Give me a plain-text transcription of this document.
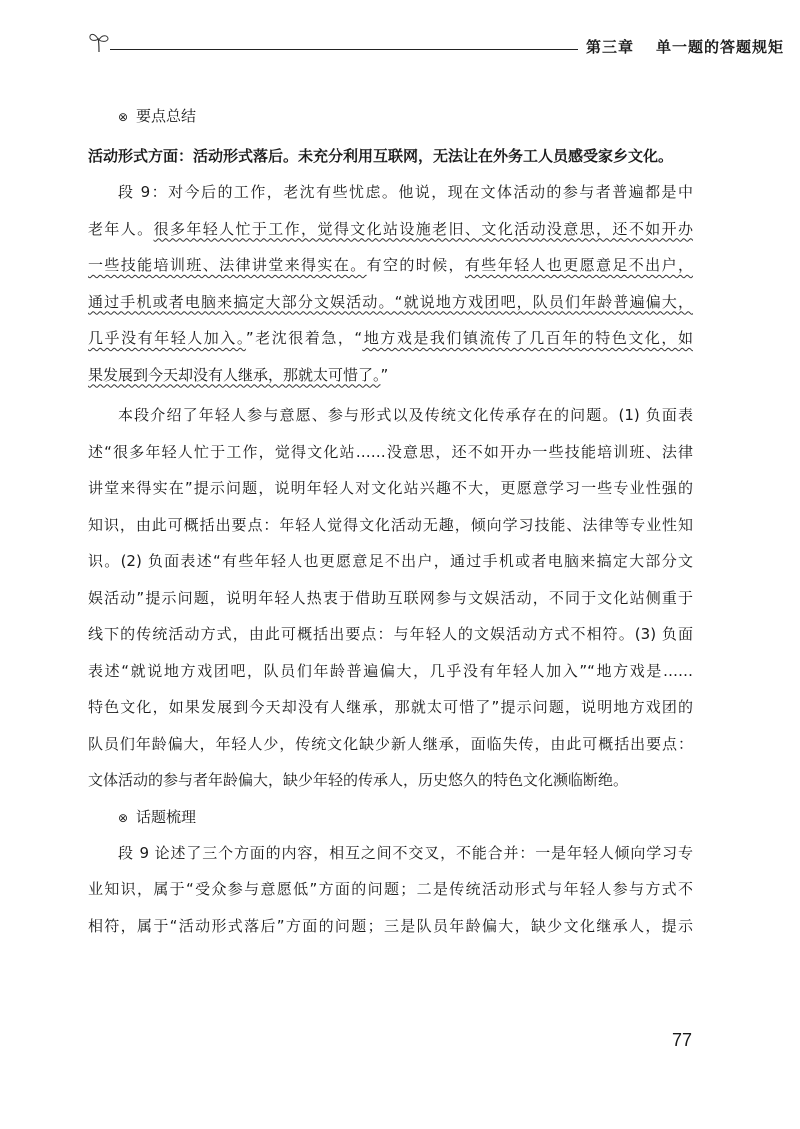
第三章 单一题的答题规矩
⊗ 要点总结
活动形式方面：活动形式落后。未充分利用互联网，无法让在外务工人员感受家乡文化。
段 9：对今后的工作，老沈有些忧虑。他说，现在文体活动的参与者普遍都是中
老年人。很多年轻人忙于工作，觉得文化站设施老旧、文化活动没意思，还不如开办
一些技能培训班、法律讲堂来得实在。有空的时候，有些年轻人也更愿意足不出户，
通过手机或者电脑来搞定大部分文娱活动。“就说地方戏团吧，队员们年龄普遍偏大，
几乎没有年轻人加入。”老沈很着急，“地方戏是我们镇流传了几百年的特色文化，如
果发展到今天却没有人继承，那就太可惜了。”
本段介绍了年轻人参与意愿、参与形式以及传统文化传承存在的问题。(1) 负面表
述“很多年轻人忙于工作，觉得文化站……没意思，还不如开办一些技能培训班、法律
讲堂来得实在”提示问题，说明年轻人对文化站兴趣不大，更愿意学习一些专业性强的
知识，由此可概括出要点：年轻人觉得文化活动无趣，倾向学习技能、法律等专业性知
识。(2) 负面表述“有些年轻人也更愿意足不出户，通过手机或者电脑来搞定大部分文
娱活动”提示问题，说明年轻人热衷于借助互联网参与文娱活动，不同于文化站侧重于
线下的传统活动方式，由此可概括出要点：与年轻人的文娱活动方式不相符。(3) 负面
表述“就说地方戏团吧，队员们年龄普遍偏大，几乎没有年轻人加入”“地方戏是……
特色文化，如果发展到今天却没有人继承，那就太可惜了”提示问题，说明地方戏团的
队员们年龄偏大，年轻人少，传统文化缺少新人继承，面临失传，由此可概括出要点：
文体活动的参与者年龄偏大，缺少年轻的传承人，历史悠久的特色文化濒临断绝。
⊗ 话题梳理
段 9 论述了三个方面的内容，相互之间不交叉，不能合并：一是年轻人倾向学习专
业知识，属于“受众参与意愿低”方面的问题；二是传统活动形式与年轻人参与方式不
相符，属于“活动形式落后”方面的问题；三是队员年龄偏大，缺少文化继承人，提示
77
